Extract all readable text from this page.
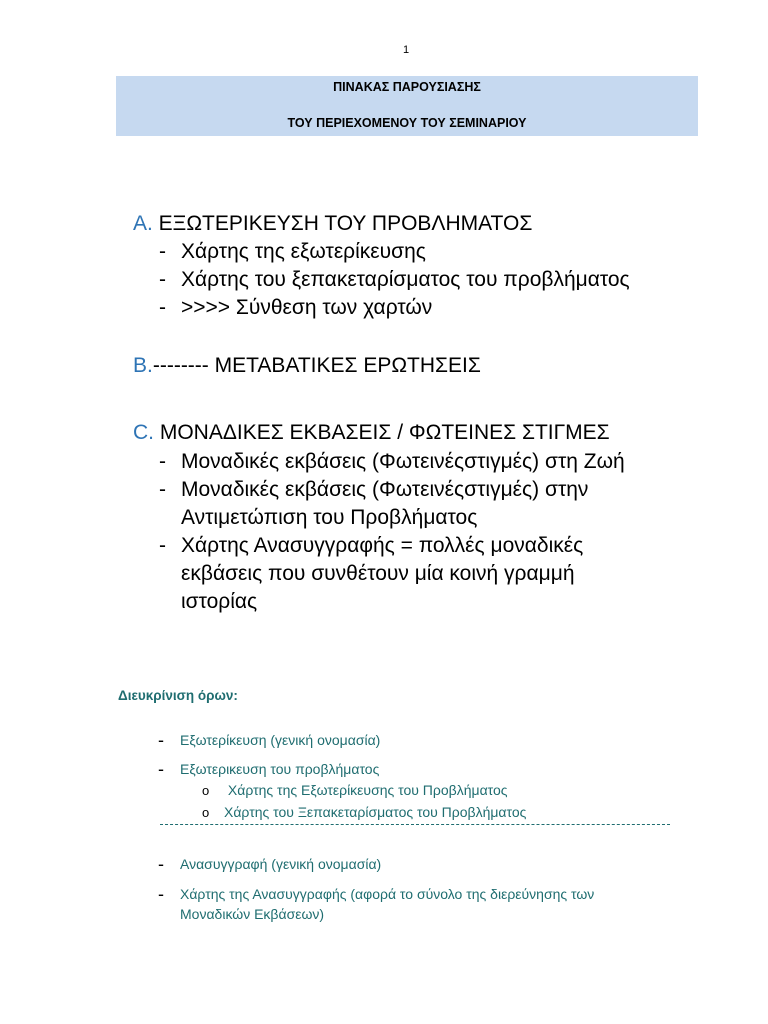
1
ΠΙΝΑΚΑΣ ΠΑΡΟΥΣΙΑΣΗΣ
ΤΟΥ ΠΕΡΙΕΧΟΜΕΝΟΥ ΤΟΥ ΣΕΜΙΝΑΡΙΟΥ
A. ΕΞΩΤΕΡΙΚΕΥΣΗ ΤΟΥ ΠΡΟΒΛΗΜΑΤΟΣ
- Χάρτης της εξωτερίκευσης
- Χάρτης του ξεπακεταρίσματος του προβλήματος
- >>>> Σύνθεση των χαρτών
B.-------- ΜΕΤΑΒΑΤΙΚΕΣ ΕΡΩΤΗΣΕΙΣ
C. ΜΟΝΑΔΙΚΕΣ ΕΚΒΑΣΕΙΣ / ΦΩΤΕΙΝΕΣ ΣΤΙΓΜΕΣ
- Μοναδικές εκβάσεις (Φωτεινέςστιγμές) στη Ζωή
- Μοναδικές εκβάσεις (Φωτεινέςστιγμές) στην
Αντιμετώπιση του Προβλήματος
- Χάρτης Ανασυγγραφής = πολλές μοναδικές
εκβάσεις που συνθέτουν μία κοινή γραμμή
ιστορίας
Διευκρίνιση όρων:
- Εξωτερίκευση (γενική ονομασία)
- Εξωτερικευση του προβλήματος
o Χάρτης της Εξωτερίκευσης του Προβλήματος
o Χάρτης του Ξεπακεταρίσματος του Προβλήματος
- Ανασυγγραφή (γενική ονομασία)
- Χάρτης της Ανασυγγραφής (αφορά το σύνολο της διερεύνησης των
Μοναδικών Εκβάσεων)
